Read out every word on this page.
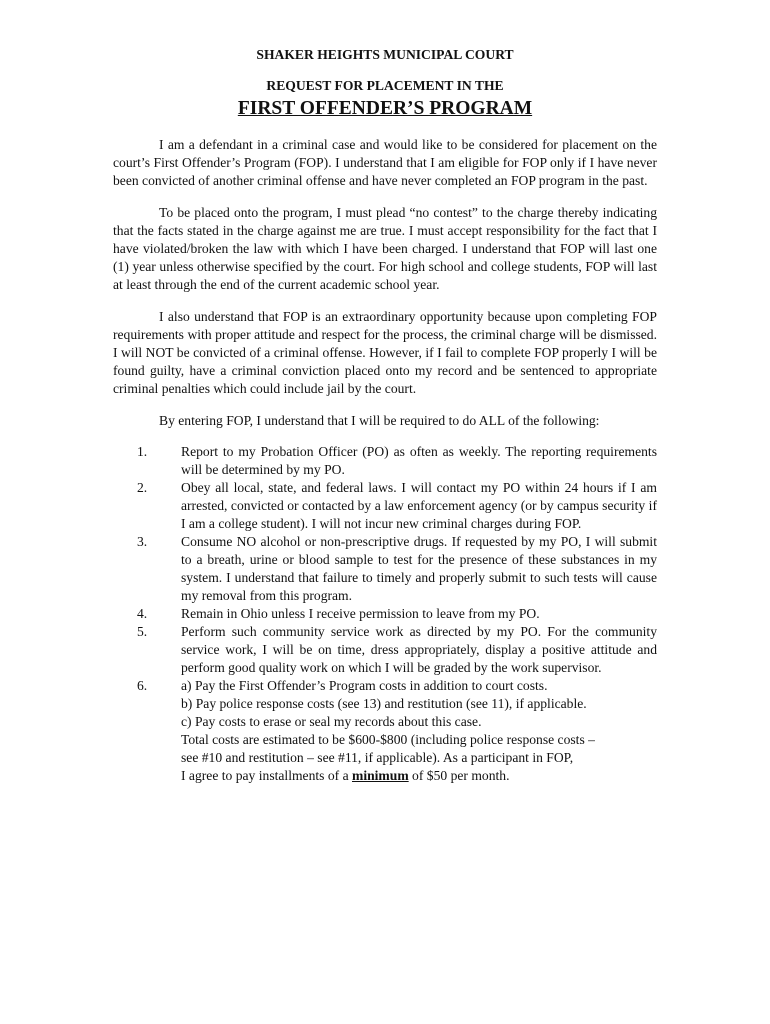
SHAKER HEIGHTS MUNICIPAL COURT
REQUEST FOR PLACEMENT IN THE
FIRST OFFENDER’S PROGRAM

I am a defendant in a criminal case and would like to be considered for placement on the court’s First Offender’s Program (FOP). I understand that I am eligible for FOP only if I have never been convicted of another criminal offense and have never completed an FOP program in the past.

To be placed onto the program, I must plead “no contest” to the charge thereby indicating that the facts stated in the charge against me are true. I must accept responsibility for the fact that I have violated/broken the law with which I have been charged. I understand that FOP will last one (1) year unless otherwise specified by the court. For high school and college students, FOP will last at least through the end of the current academic school year.

I also understand that FOP is an extraordinary opportunity because upon completing FOP requirements with proper attitude and respect for the process, the criminal charge will be dismissed. I will NOT be convicted of a criminal offense. However, if I fail to complete FOP properly I will be found guilty, have a criminal conviction placed onto my record and be sentenced to appropriate criminal penalties which could include jail by the court.

By entering FOP, I understand that I will be required to do ALL of the following:

1.	Report to my Probation Officer (PO) as often as weekly. The reporting requirements will be determined by my PO.
2.	Obey all local, state, and federal laws. I will contact my PO within 24 hours if I am arrested, convicted or contacted by a law enforcement agency (or by campus security if I am a college student). I will not incur new criminal charges during FOP.
3.	Consume NO alcohol or non-prescriptive drugs. If requested by my PO, I will submit to a breath, urine or blood sample to test for the presence of these substances in my system. I understand that failure to timely and properly submit to such tests will cause my removal from this program.
4.	Remain in Ohio unless I receive permission to leave from my PO.
5.	Perform such community service work as directed by my PO. For the community service work, I will be on time, dress appropriately, display a positive attitude and perform good quality work on which I will be graded by the work supervisor.
6.	a) Pay the First Offender’s Program costs in addition to court costs.
b) Pay police response costs (see 13) and restitution (see 11), if applicable.
c) Pay costs to erase or seal my records about this case.
Total costs are estimated to be $600-$800 (including police response costs –
see #10 and restitution – see #11, if applicable). As a participant in FOP,
I agree to pay installments of a minimum of $50 per month.
